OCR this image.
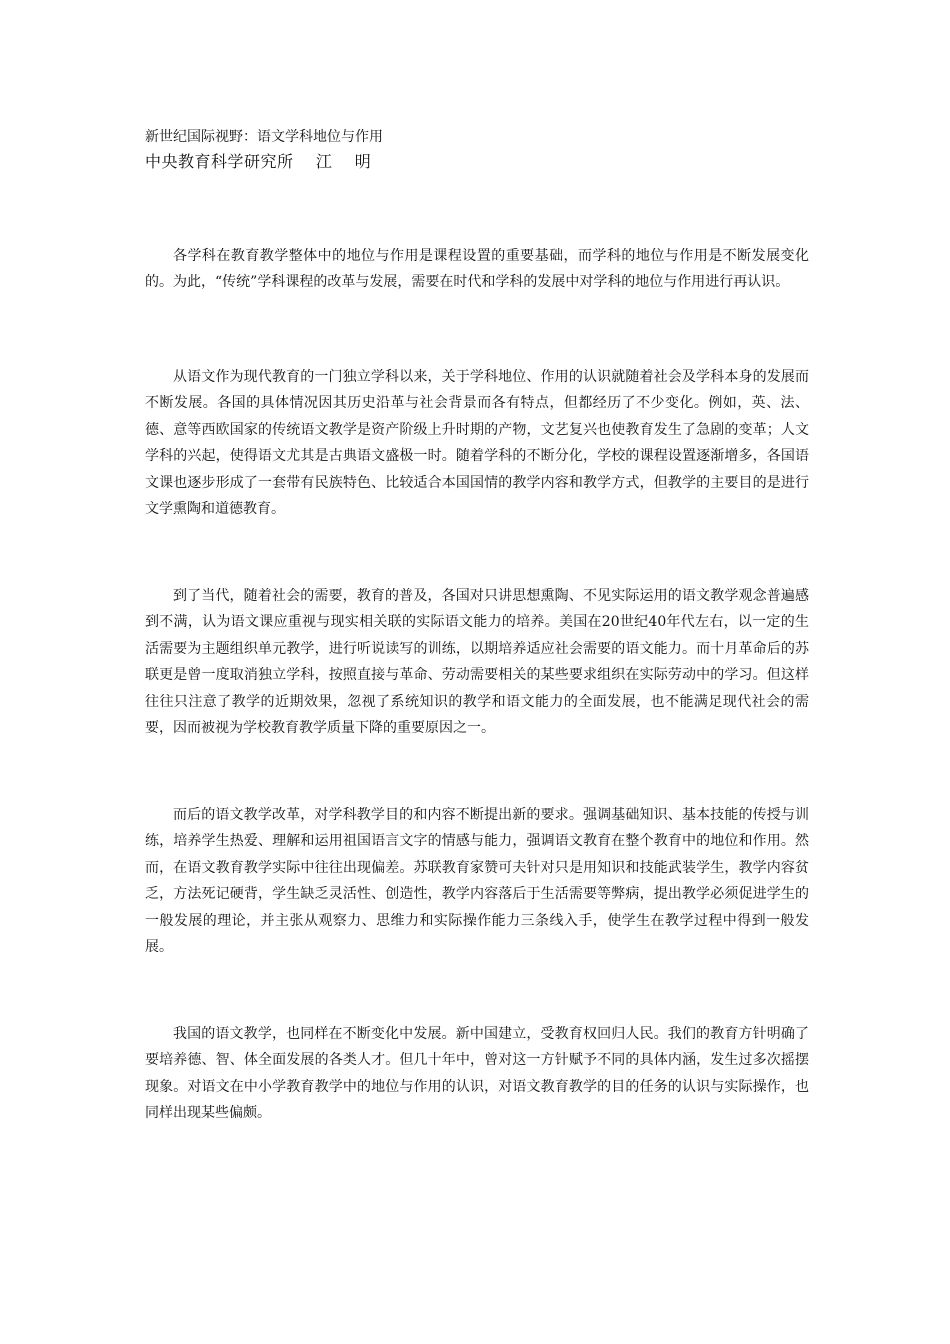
新世纪国际视野：语文学科地位与作用
中央教育科学研究所    江    明

各学科在教育教学整体中的地位与作用是课程设置的重要基础，而学科的地位与作用是不断发展变化的。为此，“传统”学科课程的改革与发展，需要在时代和学科的发展中对学科的地位与作用进行再认识。

从语文作为现代教育的一门独立学科以来，关于学科地位、作用的认识就随着社会及学科本身的发展而不断发展。各国的具体情况因其历史沿革与社会背景而各有特点，但都经历了不少变化。例如，英、法、德、意等西欧国家的传统语文教学是资产阶级上升时期的产物，文艺复兴也使教育发生了急剧的变革；人文学科的兴起，使得语文尤其是古典语文盛极一时。随着学科的不断分化，学校的课程设置逐渐增多，各国语文课也逐步形成了一套带有民族特色、比较适合本国国情的教学内容和教学方式，但教学的主要目的是进行文学熏陶和道德教育。

到了当代，随着社会的需要，教育的普及，各国对只讲思想熏陶、不见实际运用的语文教学观念普遍感到不满，认为语文课应重视与现实相关联的实际语文能力的培养。美国在20世纪40年代左右，以一定的生活需要为主题组织单元教学，进行听说读写的训练，以期培养适应社会需要的语文能力。而十月革命后的苏联更是曾一度取消独立学科，按照直接与革命、劳动需要相关的某些要求组织在实际劳动中的学习。但这样往往只注意了教学的近期效果，忽视了系统知识的教学和语文能力的全面发展，也不能满足现代社会的需要，因而被视为学校教育教学质量下降的重要原因之一。

而后的语文教学改革，对学科教学目的和内容不断提出新的要求。强调基础知识、基本技能的传授与训练，培养学生热爱、理解和运用祖国语言文字的情感与能力，强调语文教育在整个教育中的地位和作用。然而，在语文教育教学实际中往往出现偏差。苏联教育家赞可夫针对只是用知识和技能武装学生，教学内容贫乏，方法死记硬背，学生缺乏灵活性、创造性，教学内容落后于生活需要等弊病，提出教学必须促进学生的一般发展的理论，并主张从观察力、思维力和实际操作能力三条线入手，使学生在教学过程中得到一般发展。

我国的语文教学，也同样在不断变化中发展。新中国建立，受教育权回归人民。我们的教育方针明确了要培养德、智、体全面发展的各类人才。但几十年中，曾对这一方针赋予不同的具体内涵，发生过多次摇摆现象。对语文在中小学教育教学中的地位与作用的认识，对语文教育教学的目的任务的认识与实际操作，也同样出现某些偏颇。
